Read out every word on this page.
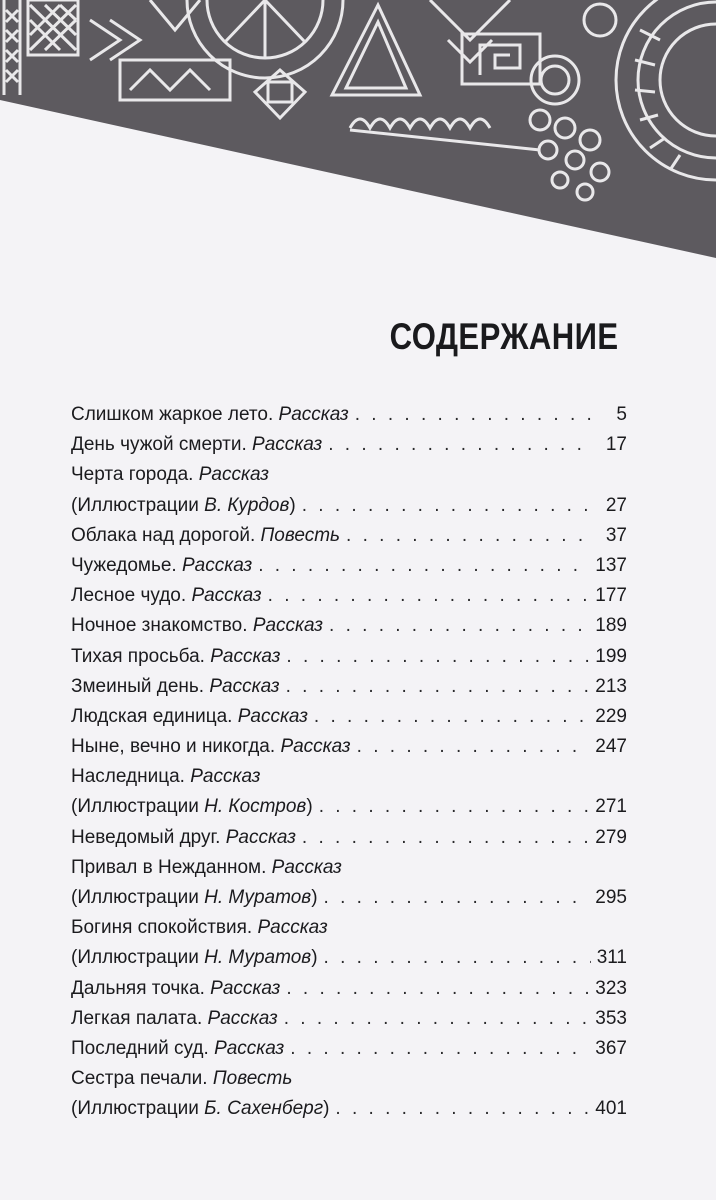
СОДЕРЖАНИЕ
Слишком жаркое лето. Рассказ . . .	5
День чужой смерти. Рассказ . . .	17
Черта города. Рассказ
(Иллюстрации В. Курдов) . . .	27
Облака над дорогой. Повесть . . .	37
Чужедомье. Рассказ . . .	137
Лесное чудо. Рассказ . . .	177
Ночное знакомство. Рассказ . . .	189
Тихая просьба. Рассказ . . .	199
Змеиный день. Рассказ . . .	213
Людская единица. Рассказ . . .	229
Ныне, вечно и никогда. Рассказ . . .	247
Наследница. Рассказ
(Иллюстрации Н. Костров) . . .	271
Неведомый друг. Рассказ . . .	279
Привал в Нежданном. Рассказ
(Иллюстрации Н. Муратов) . . .	295
Богиня спокойствия. Рассказ
(Иллюстрации Н. Муратов) . . .	311
Дальняя точка. Рассказ . . .	323
Легкая палата. Рассказ . . .	353
Последний суд. Рассказ . . .	367
Сестра печали. Повесть
(Иллюстрации Б. Сахенберг) . . .	401
